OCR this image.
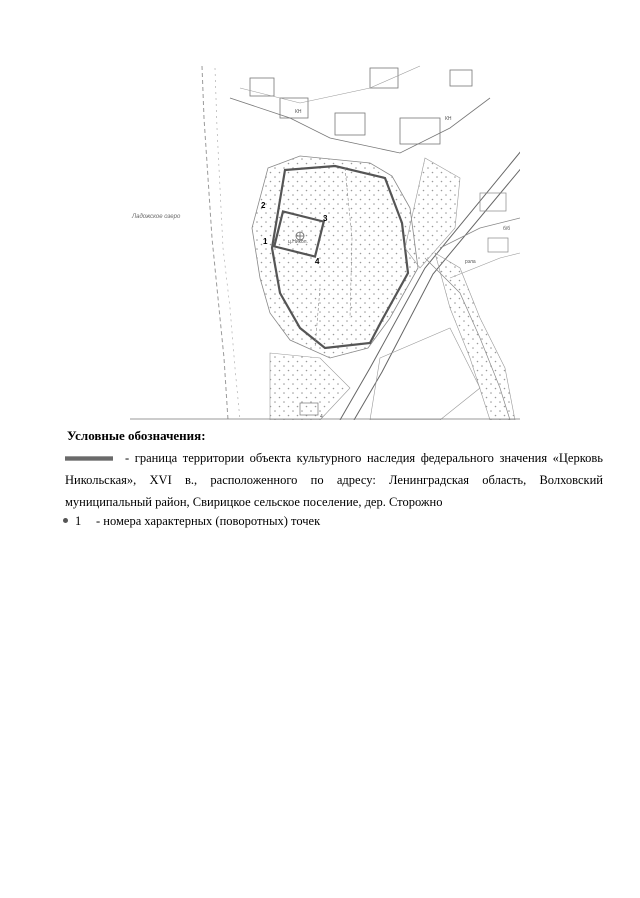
ц.Никол.
КН
рзла
б/б
Ладожское озеро
1
2
3
4
4
КН
Условные обозначения:
- граница территории объекта культурного наследия федерального значения «Церковь Никольская», XVI в., расположенного по адресу: Ленинградская область, Волховский муниципальный район, Свирицкое сельское поселение, дер. Сторожно
1 - номера характерных (поворотных) точек
